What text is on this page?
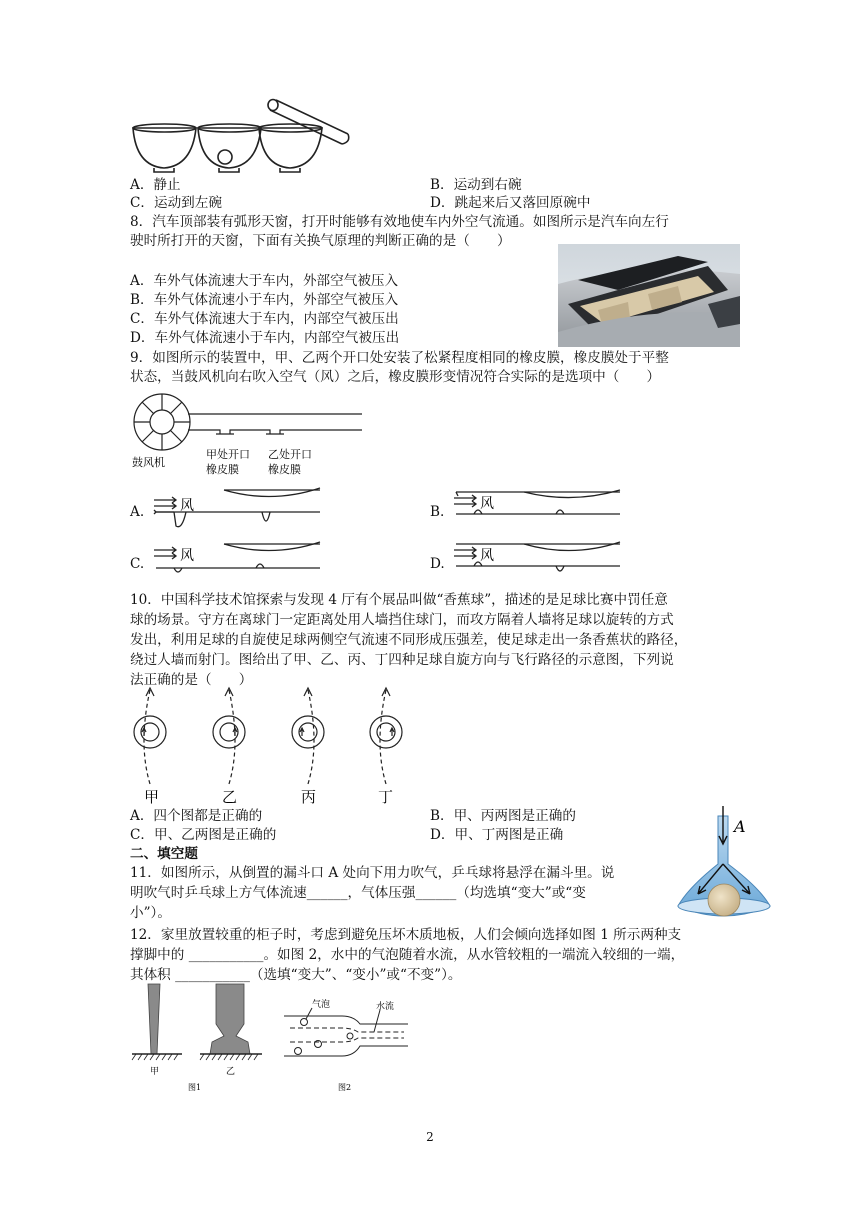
A．静止	B．运动到右碗
C．运动到左碗	D．跳起来后又落回原碗中
8．汽车顶部装有弧形天窗，打开时能够有效地使车内外空气流通。如图所示是汽车向左行
驶时所打开的天窗，下面有关换气原理的判断正确的是（　　）
A．车外气体流速大于车内，外部空气被压入
B．车外气体流速小于车内，外部空气被压入
C．车外气体流速大于车内，内部空气被压出
D．车外气体流速小于车内，内部空气被压出
9．如图所示的装置中，甲、乙两个开口处安装了松紧程度相同的橡皮膜，橡皮膜处于平整
状态，当鼓风机向右吹入空气（风）之后，橡皮膜形变情况符合实际的是选项中（　　）
鼓风机
甲处开口
橡皮膜
乙处开口
橡皮膜
A.	风	B.	风
C.	风	D.	风
10．中国科学技术馆探索与发现 4 厅有个展品叫做“香蕉球”，描述的是足球比赛中罚任意
球的场景。守方在离球门一定距离处用人墙挡住球门，而攻方隔着人墙将足球以旋转的方式
发出，利用足球的自旋使足球两侧空气流速不同形成压强差，使足球走出一条香蕉状的路径，
绕过人墙而射门。图给出了甲、乙、丙、丁四种足球自旋方向与飞行路径的示意图，下列说
法正确的是（　　）
甲	乙	丙	丁
A．四个图都是正确的	B．甲、丙两图是正确的
C．甲、乙两图是正确的	D．甲、丁两图是正确
二、填空题
11．如图所示，从倒置的漏斗口 A 处向下用力吹气，乒乓球将悬浮在漏斗里。说
明吹气时乒乓球上方气体流速______，气体压强______（均选填“变大”或“变
小”）。
A
12．家里放置较重的柜子时，考虑到避免压坏木质地板，人们会倾向选择如图 1 所示两种支
撑脚中的 ___________。如图 2，水中的气泡随着水流，从水管较粗的一端流入较细的一端，
其体积 ___________（选填“变大”、“变小”或“不变”）。
甲	乙
图1
气泡	水流
图2
2
